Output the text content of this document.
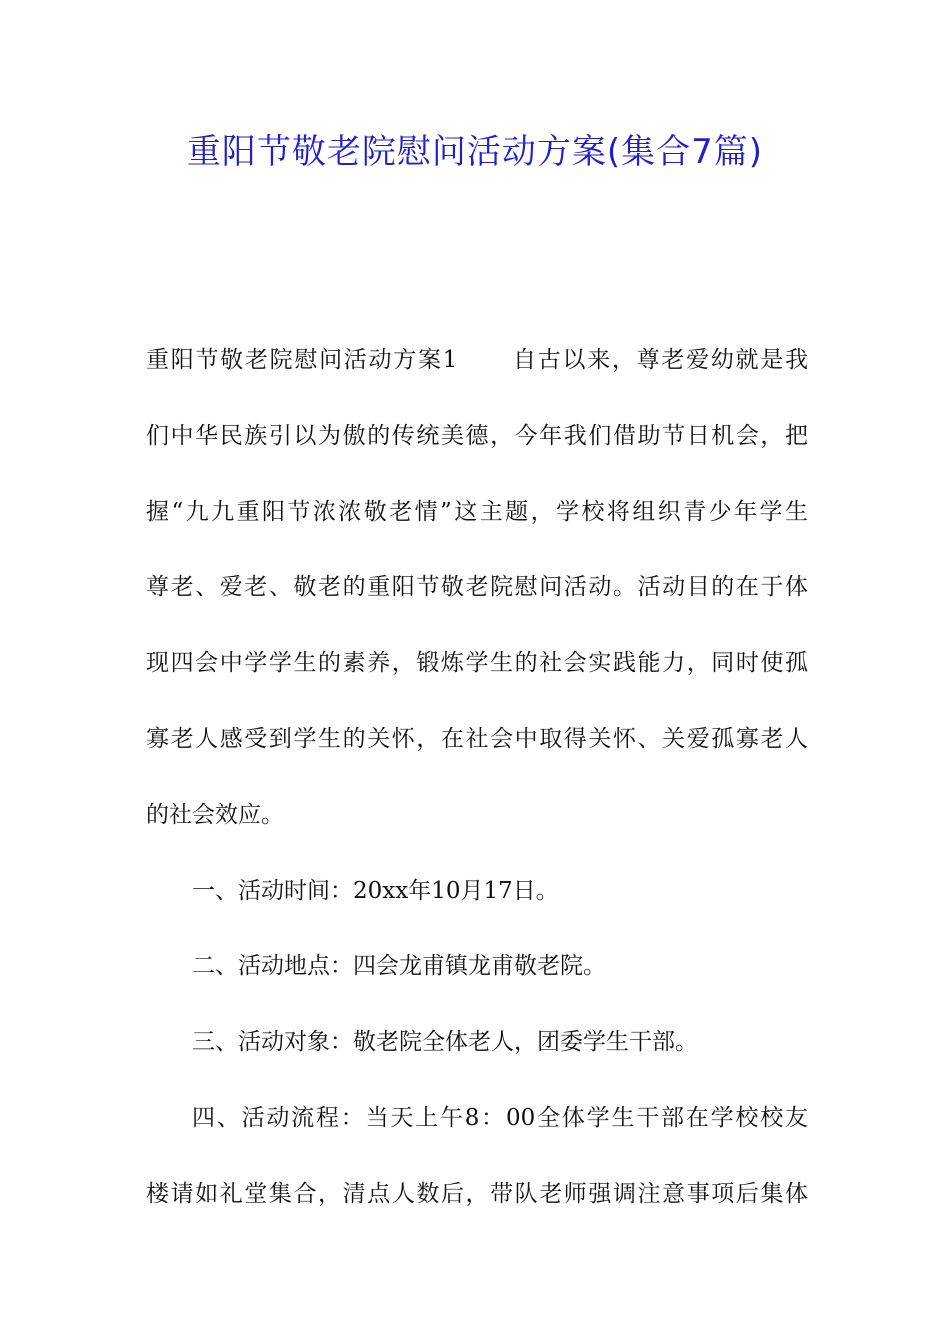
重阳节敬老院慰问活动方案(集合7篇)
重阳节敬老院慰问活动方案1 自古以来，尊老爱幼就是我
们中华民族引以为傲的传统美德，今年我们借助节日机会，把
握“九九重阳节浓浓敬老情”这主题，学校将组织青少年学生
尊老、爱老、敬老的重阳节敬老院慰问活动。活动目的在于体
现四会中学学生的素养，锻炼学生的社会实践能力，同时使孤
寡老人感受到学生的关怀，在社会中取得关怀、关爱孤寡老人
的社会效应。
一、活动时间：20xx年10月17日。
二、活动地点：四会龙甫镇龙甫敬老院。
三、活动对象：敬老院全体老人，团委学生干部。
四、活动流程：当天上午8：00全体学生干部在学校校友
楼请如礼堂集合，清点人数后，带队老师强调注意事项后集体
